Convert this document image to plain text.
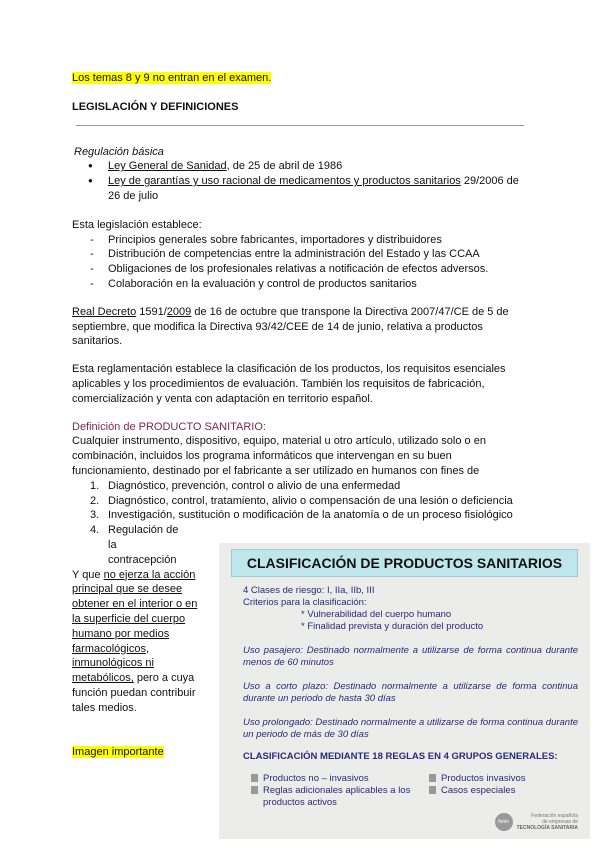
Los temas 8 y 9 no entran en el examen.
LEGISLACIÓN Y DEFINICIONES
Regulación básica
● Ley General de Sanidad, de 25 de abril de 1986
● Ley de garantías y uso racional de medicamentos y productos sanitarios 29/2006 de 26 de julio
Esta legislación establece:
- Principios generales sobre fabricantes, importadores y distribuidores
- Distribución de competencias entre la administración del Estado y las CCAA
- Obligaciones de los profesionales relativas a notificación de efectos adversos.
- Colaboración en la evaluación y control de productos sanitarios
Real Decreto 1591/2009 de 16 de octubre que transpone la Directiva 2007/47/CE de 5 de septiembre, que modifica la Directiva 93/42/CEE de 14 de junio, relativa a productos sanitarios.
Esta reglamentación establece la clasificación de los productos, los requisitos esenciales aplicables y los procedimientos de evaluación. También los requisitos de fabricación, comercialización y venta con adaptación en territorio español.
Definición de PRODUCTO SANITARIO:
Cualquier instrumento, dispositivo, equipo, material u otro artículo, utilizado solo o en combinación, incluidos los programa informáticos que intervengan en su buen funcionamiento, destinado por el fabricante a ser utilizado en humanos con fines de
1. Diagnóstico, prevención, control o alivio de una enfermedad
2. Diagnóstico, control, tratamiento, alivio o compensación de una lesión o deficiencia
3. Investigación, sustitución o modificación de la anatomía o de un proceso fisiológico
4. Regulación de la contracepción
Y que no ejerza la acción principal que se desee obtener en el interior o en la superficie del cuerpo humano por medios farmacológicos, inmunológicos ni metabólicos, pero a cuya función puedan contribuir tales medios.
Imagen importante
CLASIFICACIÓN DE PRODUCTOS SANITARIOS
4 Clases de riesgo: I, IIa, IIb, III
Criterios para la clasificación:
* Vulnerabilidad del cuerpo humano
* Finalidad prevista y duración del producto
Uso pasajero: Destinado normalmente a utilizarse de forma continua durante menos de 60 minutos
Uso a corto plazo: Destinado normalmente a utilizarse de forma continua durante un periodo de hasta 30 días
Uso prolongado: Destinado normalmente a utilizarse de forma continua durante un periodo de más de 30 días
CLASIFICACIÓN MEDIANTE 18 REGLAS EN 4 GRUPOS GENERALES:
Productos no – invasivos	Productos invasivos
Reglas adicionales aplicables a los productos activos
Casos especiales
fenin
Federación española
de empresas de
TECNOLOGÍA SANITARIA
